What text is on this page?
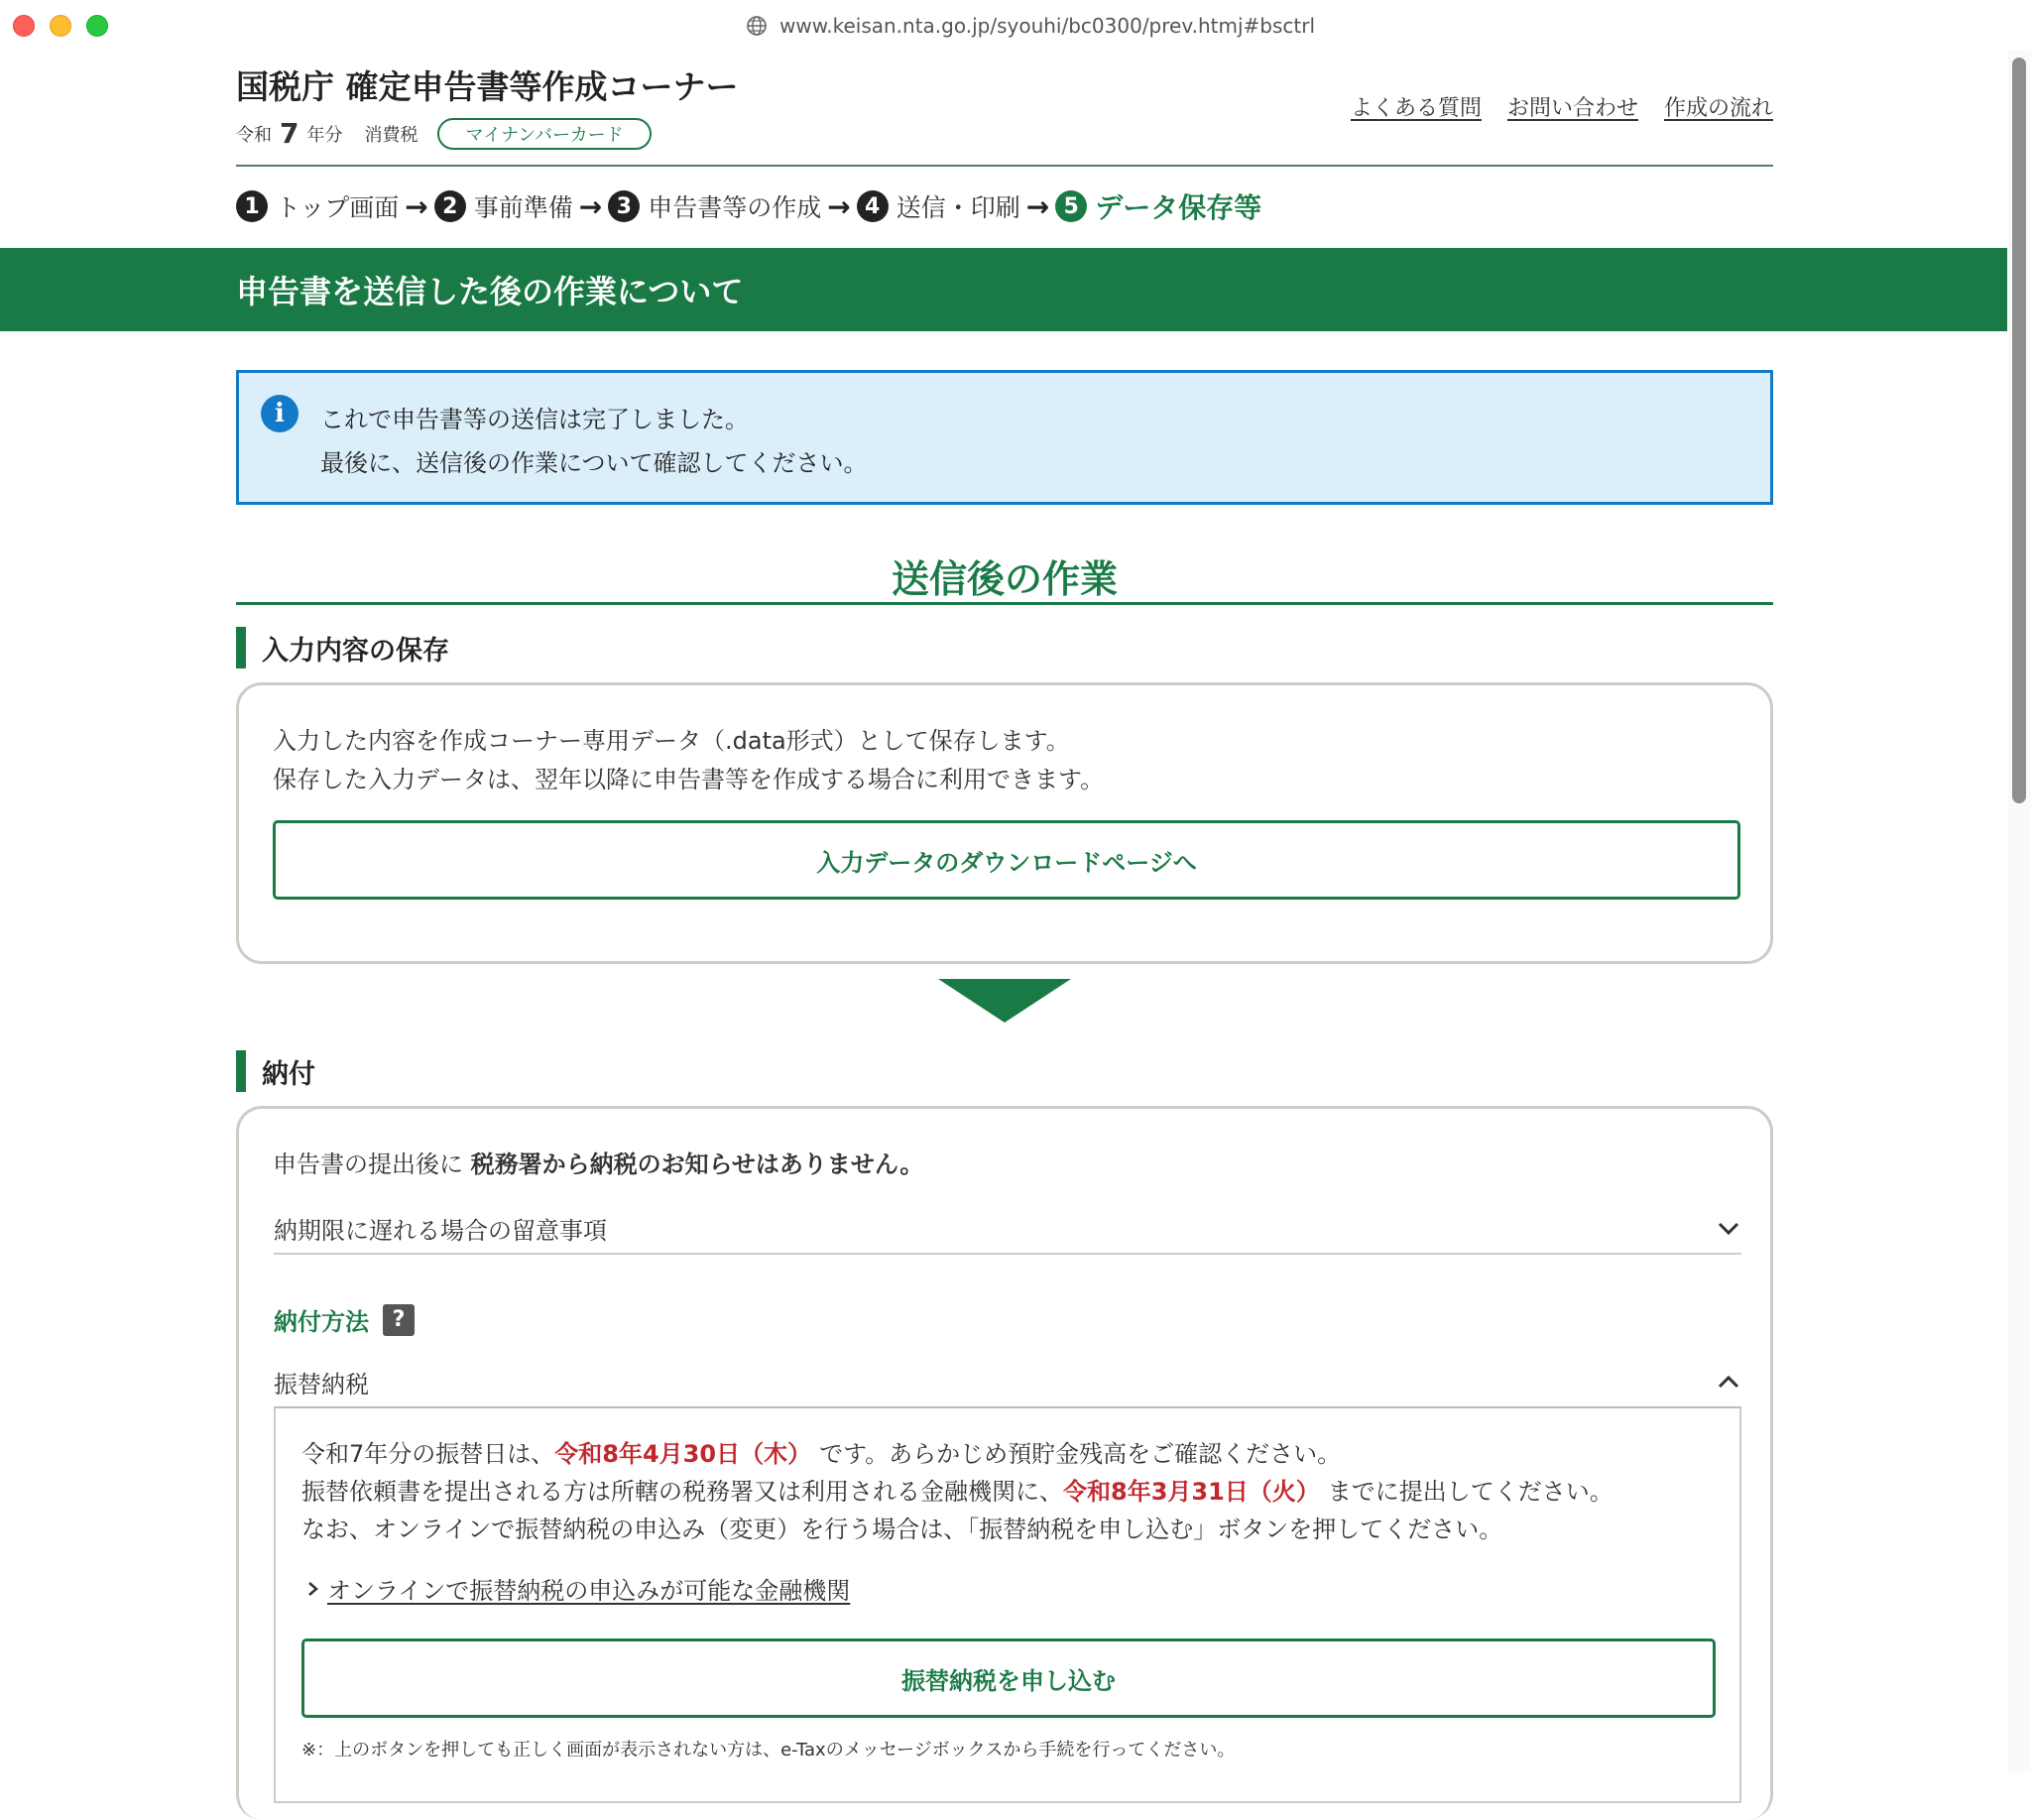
www.keisan.nta.go.jp/syouhi/bc0300/prev.htmj#bsctrl
国税庁 確定申告書等作成コーナー
令和 7 年分 消費税	マイナンバーカード
よくある質問 お問い合わせ 作成の流れ
1 トップ画面 → 2 事前準備 → 3 申告書等の作成 → 4 送信・印刷 → 5 データ保存等
申告書を送信した後の作業について
i	これで申告書等の送信は完了しました。
最後に、送信後の作業について確認してください。
送信後の作業
入力内容の保存
入力した内容を作成コーナー専用データ（.data形式）として保存します。
保存した入力データは、翌年以降に申告書等を作成する場合に利用できます。
入力データのダウンロードページへ
納付
申告書の提出後に 税務署から納税のお知らせはありません。
納期限に遅れる場合の留意事項
納付方法	?
振替納税
令和7年分の振替日は、令和8年4月30日（木） です。あらかじめ預貯金残高をご確認ください。
振替依頼書を提出される方は所轄の税務署又は利用される金融機関に、令和8年3月31日（火） までに提出してください。
なお、オンラインで振替納税の申込み（変更）を行う場合は、「振替納税を申し込む」ボタンを押してください。
オンラインで振替納税の申込みが可能な金融機関
振替納税を申し込む
※：上のボタンを押しても正しく画面が表示されない方は、e-Taxのメッセージボックスから手続を行ってください。
